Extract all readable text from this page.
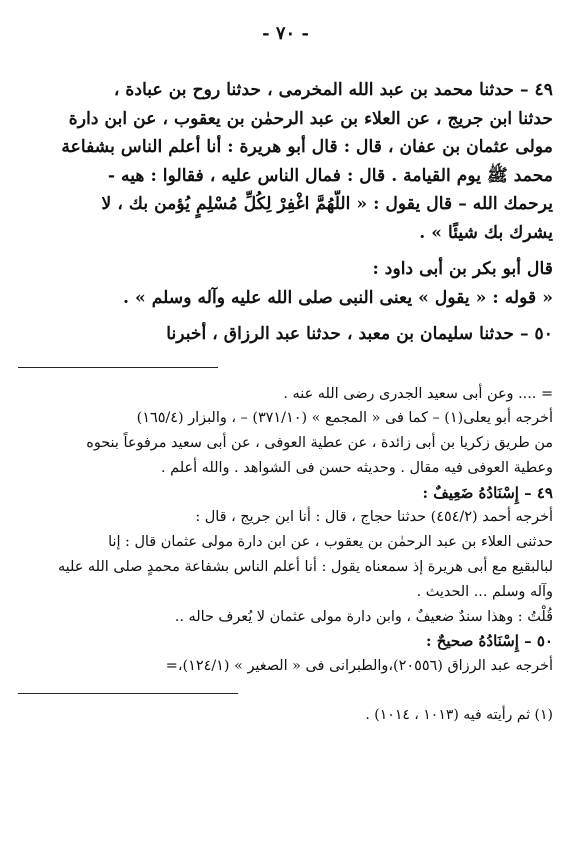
- ٧٠ -

٤٩ – حدثنا محمد بن عبد الله المخرمى ، حدثنا روح بن عبادة ،

حدثنا ابن جريج ، عن العلاء بن عبد الرحمٰن بن يعقوب ، عن ابن دارة

مولى عثمان بن عفان ، قال : قال أبو هريرة : أنا أعلم الناس بشفاعة

محمد ﷺ يوم القيامة . قال : فمال الناس عليه ، فقالوا : هيه -

يرحمك الله – قال يقول : « اللَّهُمَّ اغْفِرْ لِكُلِّ مُسْلِمٍ يُؤمن بك ، لا

يشرك بك شيئًا » .

قال أبو بكر بن أبى داود :

« قوله : « يقول » يعنى النبى صلى الله عليه وآله وسلم » .

٥٠ – حدثنا سليمان بن معبد ، حدثنا عبد الرزاق ، أخبرنا

= .... وعن أبى سعيد الجدرى رضى الله عنه .

أخرجه أبو يعلى(١) – كما فى « المجمع » (٣٧١/١٠) – ، والبزار (١٦٥/٤)

من طريق زكريا بن أبى زائدة ، عن عطية العوفى ، عن أبى سعيد مرفوعاً بنحوه

وعطية العوفى فيه مقال . وحديثه حسن فى الشواهد . والله أعلم .

٤٩ – إِسْنَادُهُ ضَعِيفٌ :

أخرجه أحمد (٤٥٤/٢) حدثنا حجاج ، قال : أنا ابن جريج ، قال :

حدثنى العلاء بن عبد الرحمٰن بن يعقوب ، عن ابن دارة مولى عثمان قال : إنا

لبالبقيع مع أبى هريرة إذ سمعناه يقول : أنا أعلم الناس بشفاعة محمدٍ صلى الله عليه

وآله وسلم ... الحديث .

قُلْتُ : وهذا سندٌ ضعيفٌ ، وابن دارة مولى عثمان لا يُعرف حاله ..

٥٠ – إِسْنَادُهُ صحيحٌ :

أخرجه عبد الرزاق (٢٠٥٥٦)،والطبرانى فى « الصغير » (١٢٤/١)،=

(١) ثم رأيته فيه (١٠١٣ ، ١٠١٤) .
